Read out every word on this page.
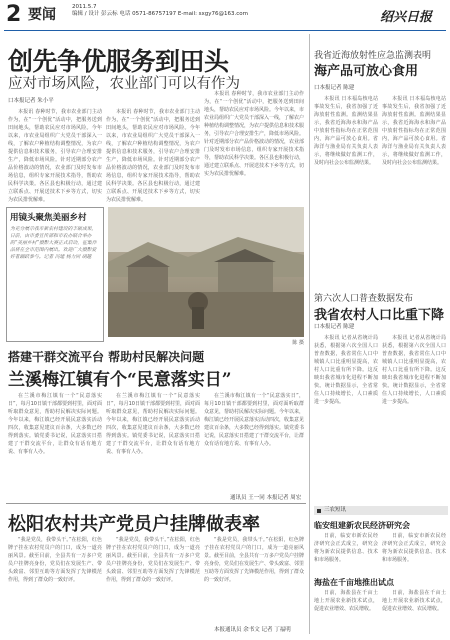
2 要闻	2011.5.7
编辑 / 设计 彭云标 电话 0571-86757197 E-mail: sxgy76@163.com	绍兴日报
创先争优服务到田头
应对市场风险，农业部门可以有作为
口本报记者 朱小平

本报讯 春种时节，我市农业部门主动作为，在“一个创优”活动中，把服务送到田间地头，帮助农民应对市场风险。今年以来，市农业局组织广大党员干部深入一线，了解农户种植结构调整情况，为农户提供信息和技术服务，引导农户合理安排生产，降低市场风险。针对近期部分农产品价格波动的情况，农业部门及时发布市场信息，组织专家开展技术指导，帮助农民科学决策。各区县也积极行动，通过建立联系点、开展送技术下乡等方式，切实为农民排忧解难。

本报讯 春种时节，我市农业部门主动作为，在“一个创优”活动中，把服务送到田间地头，帮助农民应对市场风险。今年以来，市农业局组织广大党员干部深入一线，了解农户种植结构调整情况，为农户提供信息和技术服务，引导农户合理安排生产，降低市场风险。针对近期部分农产品价格波动的情况，农业部门及时发布市场信息，组织专家开展技术指导，帮助农民科学决策。各区县也积极行动，通过建立联系点、开展送技术下乡等方式，切实为农民排忧解难。

本报讯 春种时节，我市农业部门主动作为，在“一个创优”活动中，把服务送到田间地头，帮助农民应对市场风险。今年以来，市农业局组织广大党员干部深入一线，了解农户种植结构调整情况，为农户提供信息和技术服务，引导农户合理安排生产，降低市场风险。针对近期部分农产品价格波动的情况，农业部门及时发布市场信息，组织专家开展技术指导，帮助农民科学决策。各区县也积极行动，通过建立联系点、开展送技术下乡等方式，切实为农民排忧解难。

用镜头聚焦美丽乡村
为充分展示我市新农村建设的丰硕成果，日前，由市委宣传部和市农办联合举办的“美丽乡村”摄影大赛正式启动，征集作品将在全市范围内展出。欢迎广大摄影爱好者踊跃参与。记者 冯建 杨力同 胡越
陈 摄
搭建干群交流平台 帮助村民解决问题
兰溪梅江镇有个“民意落实日”

在兰溪市梅江镇有一个“民意落实日”，每月10日镇干部都要到村里，面对面听取群众意见，帮助村民解决实际问题。今年以来，梅江镇已经开展民意落实活动四次，收集意见建议百余条，大多数已经得到落实。镇党委书记说，民意落实日搭建了干群交流平台，让群众有话有地方说、有事有人办。

在兰溪市梅江镇有一个“民意落实日”，每月10日镇干部都要到村里，面对面听取群众意见，帮助村民解决实际问题。今年以来，梅江镇已经开展民意落实活动四次，收集意见建议百余条，大多数已经得到落实。镇党委书记说，民意落实日搭建了干群交流平台，让群众有话有地方说、有事有人办。

在兰溪市梅江镇有一个“民意落实日”，每月10日镇干部都要到村里，面对面听取群众意见，帮助村民解决实际问题。今年以来，梅江镇已经开展民意落实活动四次，收集意见建议百余条，大多数已经得到落实。镇党委书记说，民意落实日搭建了干群交流平台，让群众有话有地方说、有事有人办。

通讯员 王一同 本报记者 周宏
松阳农村共产党员户挂牌做表率

“我是党员，我带头干。”在松阳，红色牌子挂在农村党员户的门口，成为一道亮丽风景。截至目前，全县共有一万多户党员户挂牌亮身份，党员们在发展生产、带头致富、邻里互助等方面发挥了先锋模范作用，得到了群众的一致好评。

“我是党员，我带头干。”在松阳，红色牌子挂在农村党员户的门口，成为一道亮丽风景。截至目前，全县共有一万多户党员户挂牌亮身份，党员们在发展生产、带头致富、邻里互助等方面发挥了先锋模范作用，得到了群众的一致好评。

“我是党员，我带头干。”在松阳，红色牌子挂在农村党员户的门口，成为一道亮丽风景。截至目前，全县共有一万多户党员户挂牌亮身份，党员们在发展生产、带头致富、邻里互助等方面发挥了先锋模范作用，得到了群众的一致好评。

本报通讯员 余书文 记者 丁福明
我省近海放射性应急监测表明
海产品可放心食用
口本报记者 陈建

本报讯 日本福岛核电站事故发生后，我省加强了近海放射性监测。监测结果显示，我省近海海水和海产品中放射性指标均在正常范围内，海产品可放心食用。省海洋与渔业局有关负责人表示，将继续做好监测工作，及时向社会公布监测结果。

本报讯 日本福岛核电站事故发生后，我省加强了近海放射性监测。监测结果显示，我省近海海水和海产品中放射性指标均在正常范围内，海产品可放心食用。省海洋与渔业局有关负责人表示，将继续做好监测工作，及时向社会公布监测结果。

第六次人口普查数据发布
我省农村人口比重下降
口本报记者 陈建

本报讯 记者从省统计局获悉，根据第六次全国人口普查数据，我省常住人口中城镇人口比重明显提高，农村人口比重有所下降。这反映出我省城市化进程不断加快。统计数据显示，全省常住人口持续增长，人口素质进一步提高。

本报讯 记者从省统计局获悉，根据第六次全国人口普查数据，我省常住人口中城镇人口比重明显提高，农村人口比重有所下降。这反映出我省城市化进程不断加快。统计数据显示，全省常住人口持续增长，人口素质进一步提高。

三农短讯
临安组建新农民经济研究会

日前，临安市新农民经济研究会正式成立，研究会将为新农民提供信息、技术和市场服务。

日前，临安市新农民经济研究会正式成立，研究会将为新农民提供信息、技术和市场服务。

海盐在千亩地推出试点

日前，海盐县在千亩土地上开展农业新技术试点，促进农业增效、农民增收。

日前，海盐县在千亩土地上开展农业新技术试点，促进农业增效、农民增收。
